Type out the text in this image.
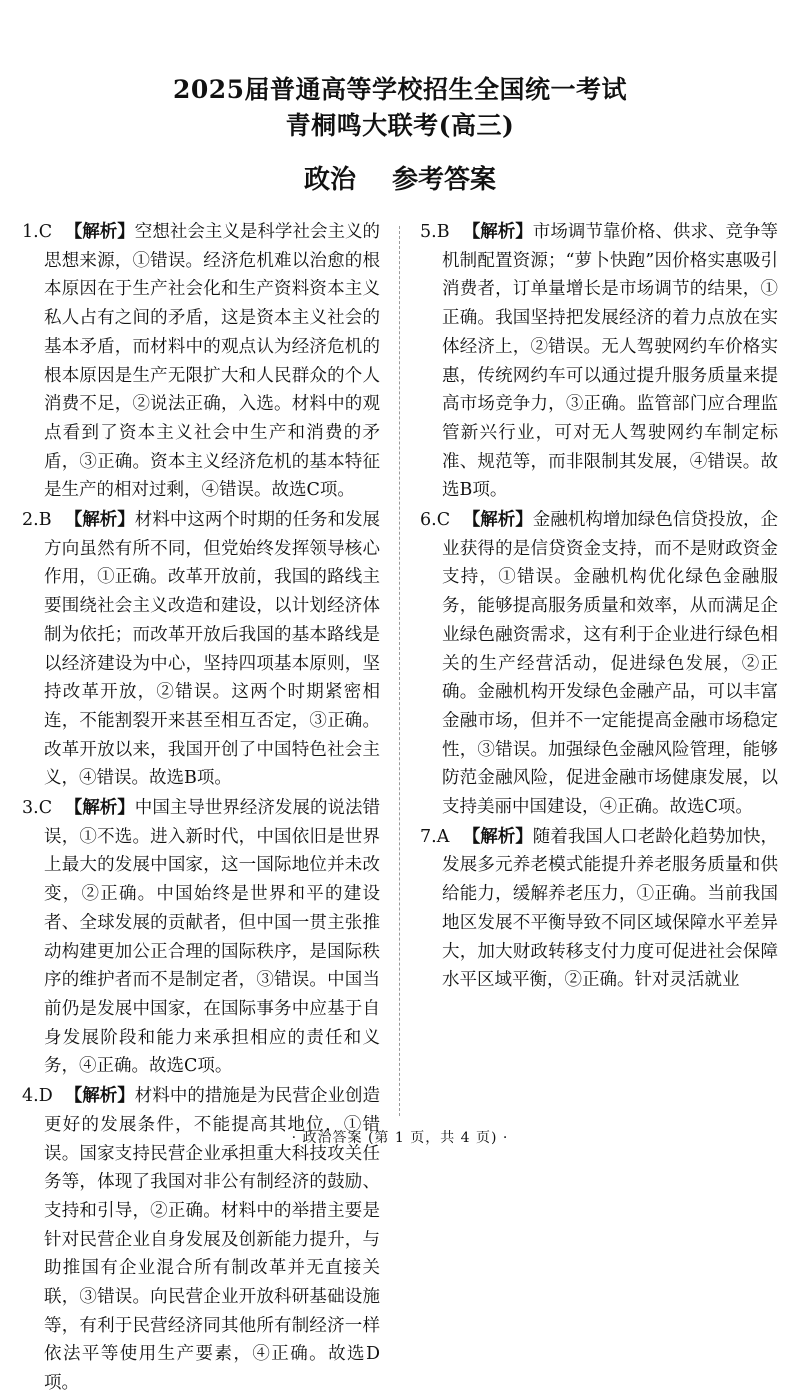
2025届普通高等学校招生全国统一考试
青桐鸣大联考(高三)
政治 参考答案

1.C 【解析】空想社会主义是科学社会主义的思想来源，①错误。经济危机难以治愈的根本原因在于生产社会化和生产资料资本主义私人占有之间的矛盾，这是资本主义社会的基本矛盾，而材料中的观点认为经济危机的根本原因是生产无限扩大和人民群众的个人消费不足，②说法正确，入选。材料中的观点看到了资本主义社会中生产和消费的矛盾，③正确。资本主义经济危机的基本特征是生产的相对过剩，④错误。故选C项。

2.B 【解析】材料中这两个时期的任务和发展方向虽然有所不同，但党始终发挥领导核心作用，①正确。改革开放前，我国的路线主要围绕社会主义改造和建设，以计划经济体制为依托；而改革开放后我国的基本路线是以经济建设为中心，坚持四项基本原则，坚持改革开放，②错误。这两个时期紧密相连，不能割裂开来甚至相互否定，③正确。改革开放以来，我国开创了中国特色社会主义，④错误。故选B项。

3.C 【解析】中国主导世界经济发展的说法错误，①不选。进入新时代，中国依旧是世界上最大的发展中国家，这一国际地位并未改变，②正确。中国始终是世界和平的建设者、全球发展的贡献者，但中国一贯主张推动构建更加公正合理的国际秩序，是国际秩序的维护者而不是制定者，③错误。中国当前仍是发展中国家，在国际事务中应基于自身发展阶段和能力来承担相应的责任和义务，④正确。故选C项。

4.D 【解析】材料中的措施是为民营企业创造更好的发展条件，不能提高其地位，①错误。国家支持民营企业承担重大科技攻关任务等，体现了我国对非公有制经济的鼓励、支持和引导，②正确。材料中的举措主要是针对民营企业自身发展及创新能力提升，与助推国有企业混合所有制改革并无直接关联，③错误。向民营企业开放科研基础设施等，有利于民营经济同其他所有制经济一样依法平等使用生产要素，④正确。故选D项。

5.B 【解析】市场调节靠价格、供求、竞争等机制配置资源；“萝卜快跑”因价格实惠吸引消费者，订单量增长是市场调节的结果，①正确。我国坚持把发展经济的着力点放在实体经济上，②错误。无人驾驶网约车价格实惠，传统网约车可以通过提升服务质量来提高市场竞争力，③正确。监管部门应合理监管新兴行业，可对无人驾驶网约车制定标准、规范等，而非限制其发展，④错误。故选B项。

6.C 【解析】金融机构增加绿色信贷投放，企业获得的是信贷资金支持，而不是财政资金支持，①错误。金融机构优化绿色金融服务，能够提高服务质量和效率，从而满足企业绿色融资需求，这有利于企业进行绿色相关的生产经营活动，促进绿色发展，②正确。金融机构开发绿色金融产品，可以丰富金融市场，但并不一定能提高金融市场稳定性，③错误。加强绿色金融风险管理，能够防范金融风险，促进金融市场健康发展，以支持美丽中国建设，④正确。故选C项。

7.A 【解析】随着我国人口老龄化趋势加快，发展多元养老模式能提升养老服务质量和供给能力，缓解养老压力，①正确。当前我国地区发展不平衡导致不同区域保障水平差异大，加大财政转移支付力度可促进社会保障水平区域平衡，②正确。针对灵活就业

· 政治答案 (第 1 页，共 4 页) ·
